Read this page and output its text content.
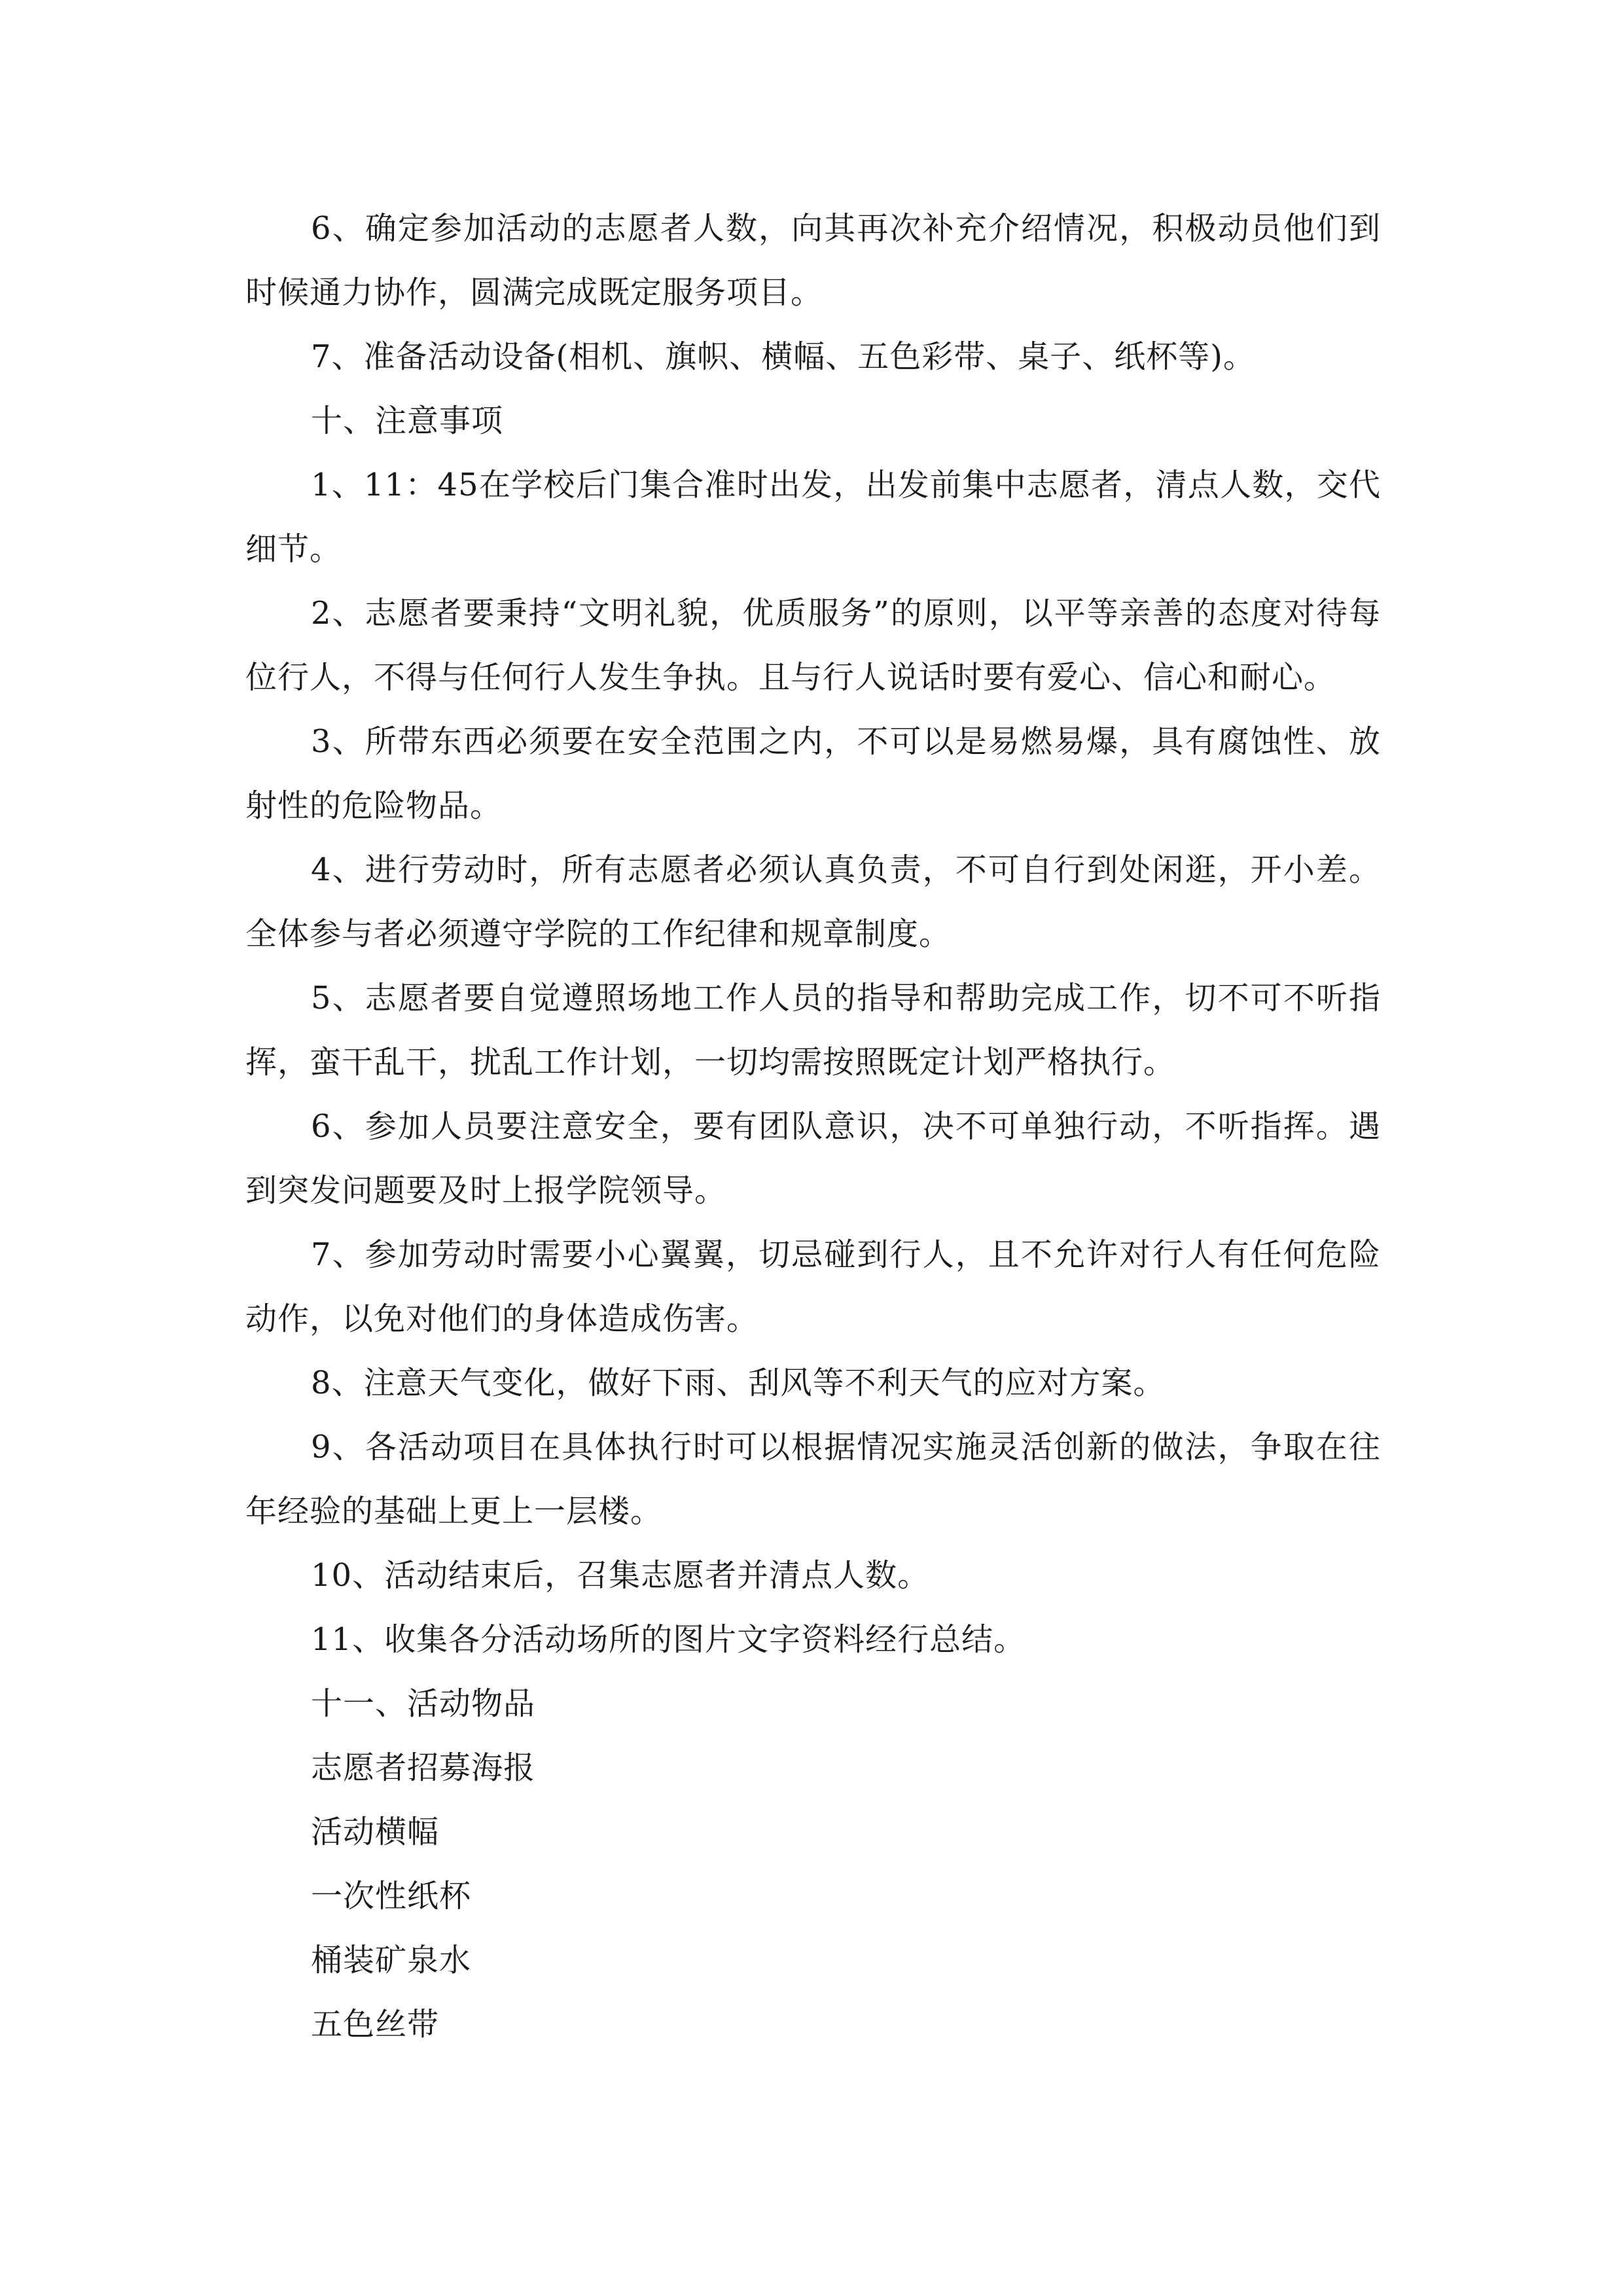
6、确定参加活动的志愿者人数，向其再次补充介绍情况，积极动员他们到时候通力协作，圆满完成既定服务项目。

7、准备活动设备(相机、旗帜、横幅、五色彩带、桌子、纸杯等)。

十、注意事项

1、11：45在学校后门集合准时出发，出发前集中志愿者，清点人数，交代细节。

2、志愿者要秉持“文明礼貌，优质服务”的原则，以平等亲善的态度对待每位行人，不得与任何行人发生争执。且与行人说话时要有爱心、信心和耐心。

3、所带东西必须要在安全范围之内，不可以是易燃易爆，具有腐蚀性、放射性的危险物品。

4、进行劳动时，所有志愿者必须认真负责，不可自行到处闲逛，开小差。全体参与者必须遵守学院的工作纪律和规章制度。

5、志愿者要自觉遵照场地工作人员的指导和帮助完成工作，切不可不听指挥，蛮干乱干，扰乱工作计划，一切均需按照既定计划严格执行。

6、参加人员要注意安全，要有团队意识，决不可单独行动，不听指挥。遇到突发问题要及时上报学院领导。

7、参加劳动时需要小心翼翼，切忌碰到行人，且不允许对行人有任何危险动作，以免对他们的身体造成伤害。

8、注意天气变化，做好下雨、刮风等不利天气的应对方案。

9、各活动项目在具体执行时可以根据情况实施灵活创新的做法，争取在往年经验的基础上更上一层楼。

10、活动结束后，召集志愿者并清点人数。

11、收集各分活动场所的图片文字资料经行总结。

十一、活动物品

志愿者招募海报

活动横幅

一次性纸杯

桶装矿泉水

五色丝带
